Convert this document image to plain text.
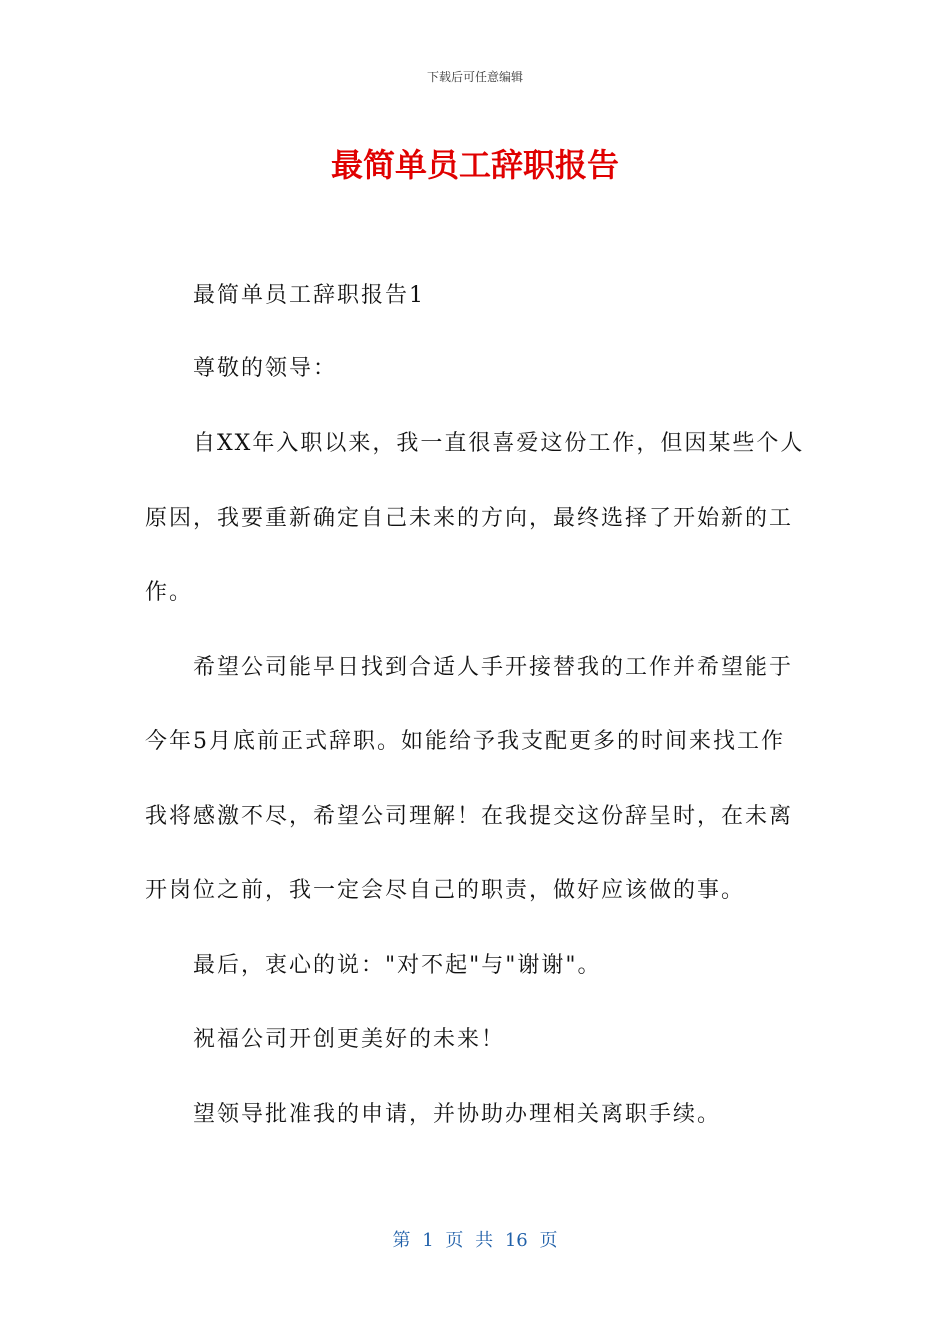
下载后可任意编辑
最简单员工辞职报告
最简单员工辞职报告1
尊敬的领导：
自XX年入职以来，我一直很喜爱这份工作，但因某些个人
原因，我要重新确定自己未来的方向，最终选择了开始新的工
作。
希望公司能早日找到合适人手开接替我的工作并希望能于
今年5月底前正式辞职。如能给予我支配更多的时间来找工作
我将感激不尽，希望公司理解！在我提交这份辞呈时，在未离
开岗位之前，我一定会尽自己的职责，做好应该做的事。
最后，衷心的说："对不起"与"谢谢"。
祝福公司开创更美好的未来！
望领导批准我的申请，并协助办理相关离职手续。
第 1 页 共 16 页
